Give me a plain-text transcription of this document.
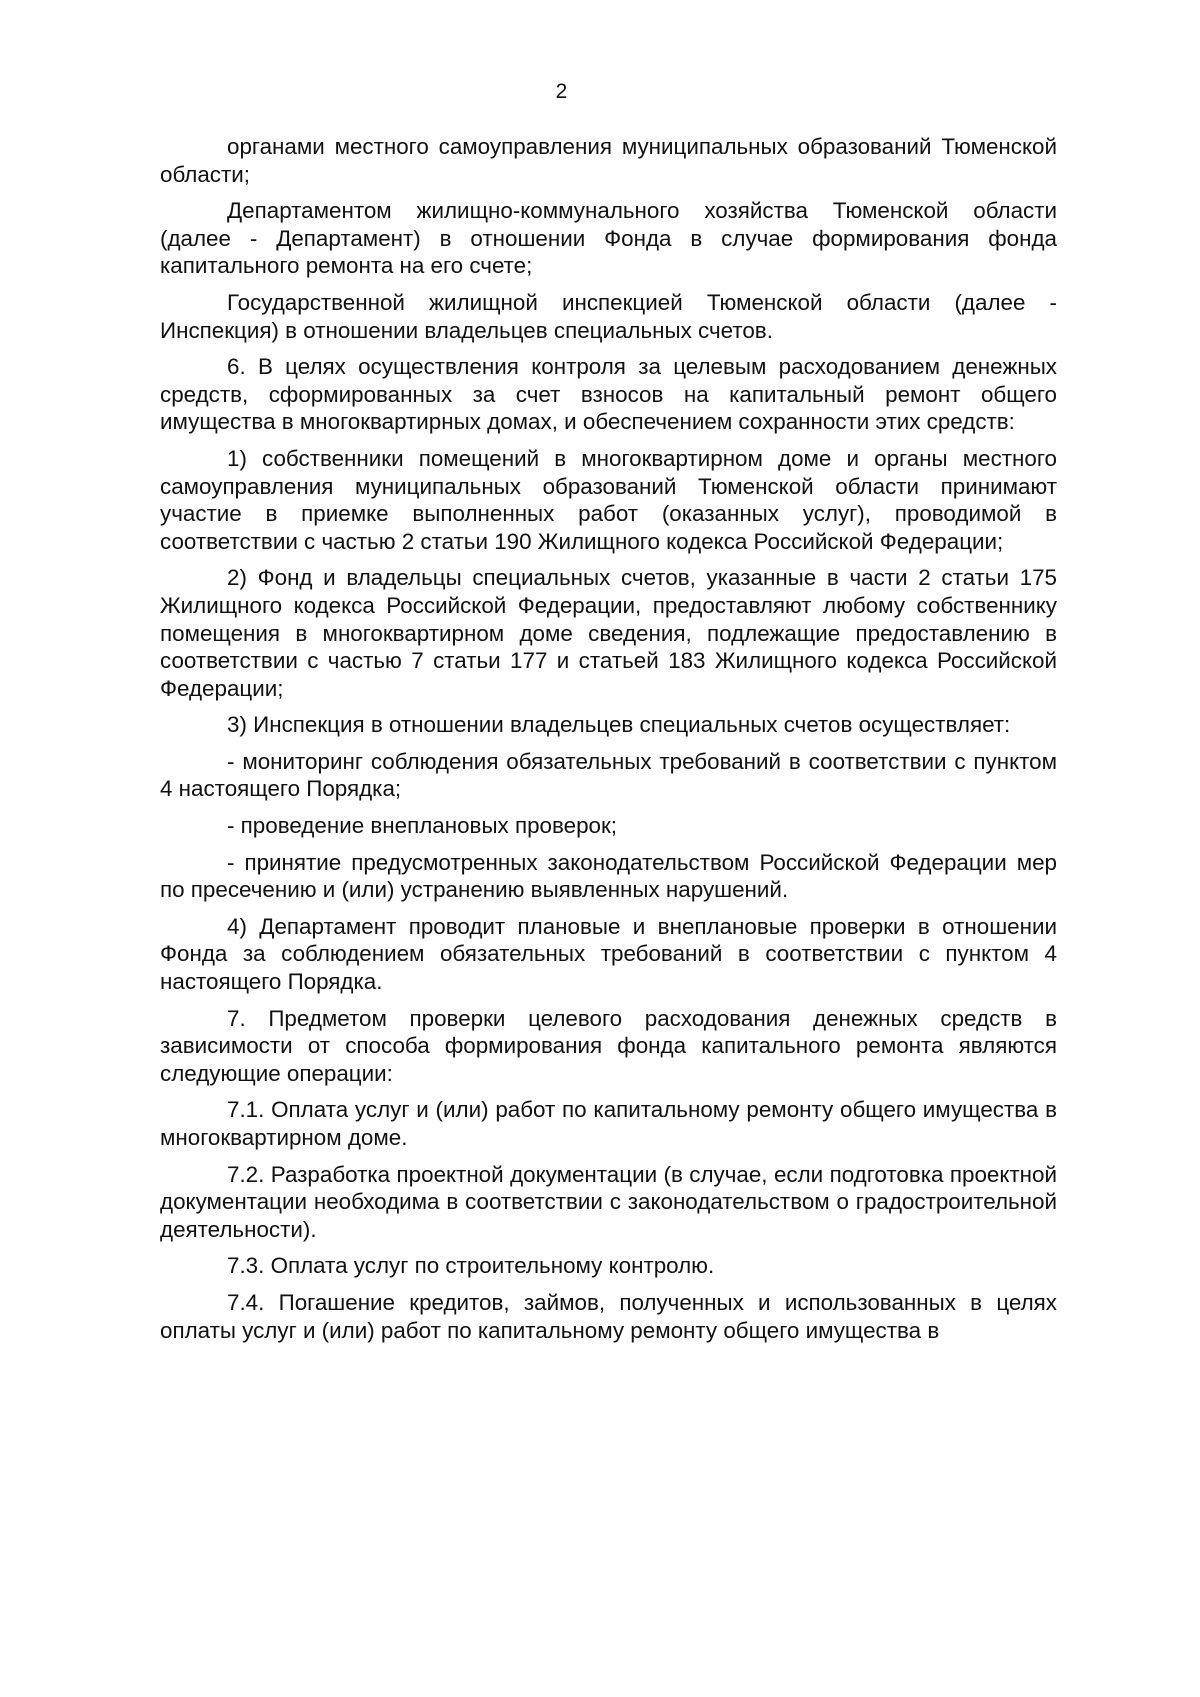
2

органами местного самоуправления муниципальных образований Тюменской области;

Департаментом жилищно-коммунального хозяйства Тюменской области (далее - Департамент) в отношении Фонда в случае формирования фонда капитального ремонта на его счете;

Государственной жилищной инспекцией Тюменской области (далее - Инспекция) в отношении владельцев специальных счетов.

6. В целях осуществления контроля за целевым расходованием денежных средств, сформированных за счет взносов на капитальный ремонт общего имущества в многоквартирных домах, и обеспечением сохранности этих средств:

1) собственники помещений в многоквартирном доме и органы местного самоуправления муниципальных образований Тюменской области принимают участие в приемке выполненных работ (оказанных услуг), проводимой в соответствии с частью 2 статьи 190 Жилищного кодекса Российской Федерации;

2) Фонд и владельцы специальных счетов, указанные в части 2 статьи 175 Жилищного кодекса Российской Федерации, предоставляют любому собственнику помещения в многоквартирном доме сведения, подлежащие предоставлению в соответствии с частью 7 статьи 177 и статьей 183 Жилищного кодекса Российской Федерации;

3) Инспекция в отношении владельцев специальных счетов осуществляет:

- мониторинг соблюдения обязательных требований в соответствии с пунктом 4 настоящего Порядка;

- проведение внеплановых проверок;

- принятие предусмотренных законодательством Российской Федерации мер по пресечению и (или) устранению выявленных нарушений.

4) Департамент проводит плановые и внеплановые проверки в отношении Фонда за соблюдением обязательных требований в соответствии с пунктом 4 настоящего Порядка.

7. Предметом проверки целевого расходования денежных средств в зависимости от способа формирования фонда капитального ремонта являются следующие операции:

7.1. Оплата услуг и (или) работ по капитальному ремонту общего имущества в многоквартирном доме.

7.2. Разработка проектной документации (в случае, если подготовка проектной документации необходима в соответствии с законодательством о градостроительной деятельности).

7.3. Оплата услуг по строительному контролю.

7.4. Погашение кредитов, займов, полученных и использованных в целях оплаты услуг и (или) работ по капитальному ремонту общего имущества в
